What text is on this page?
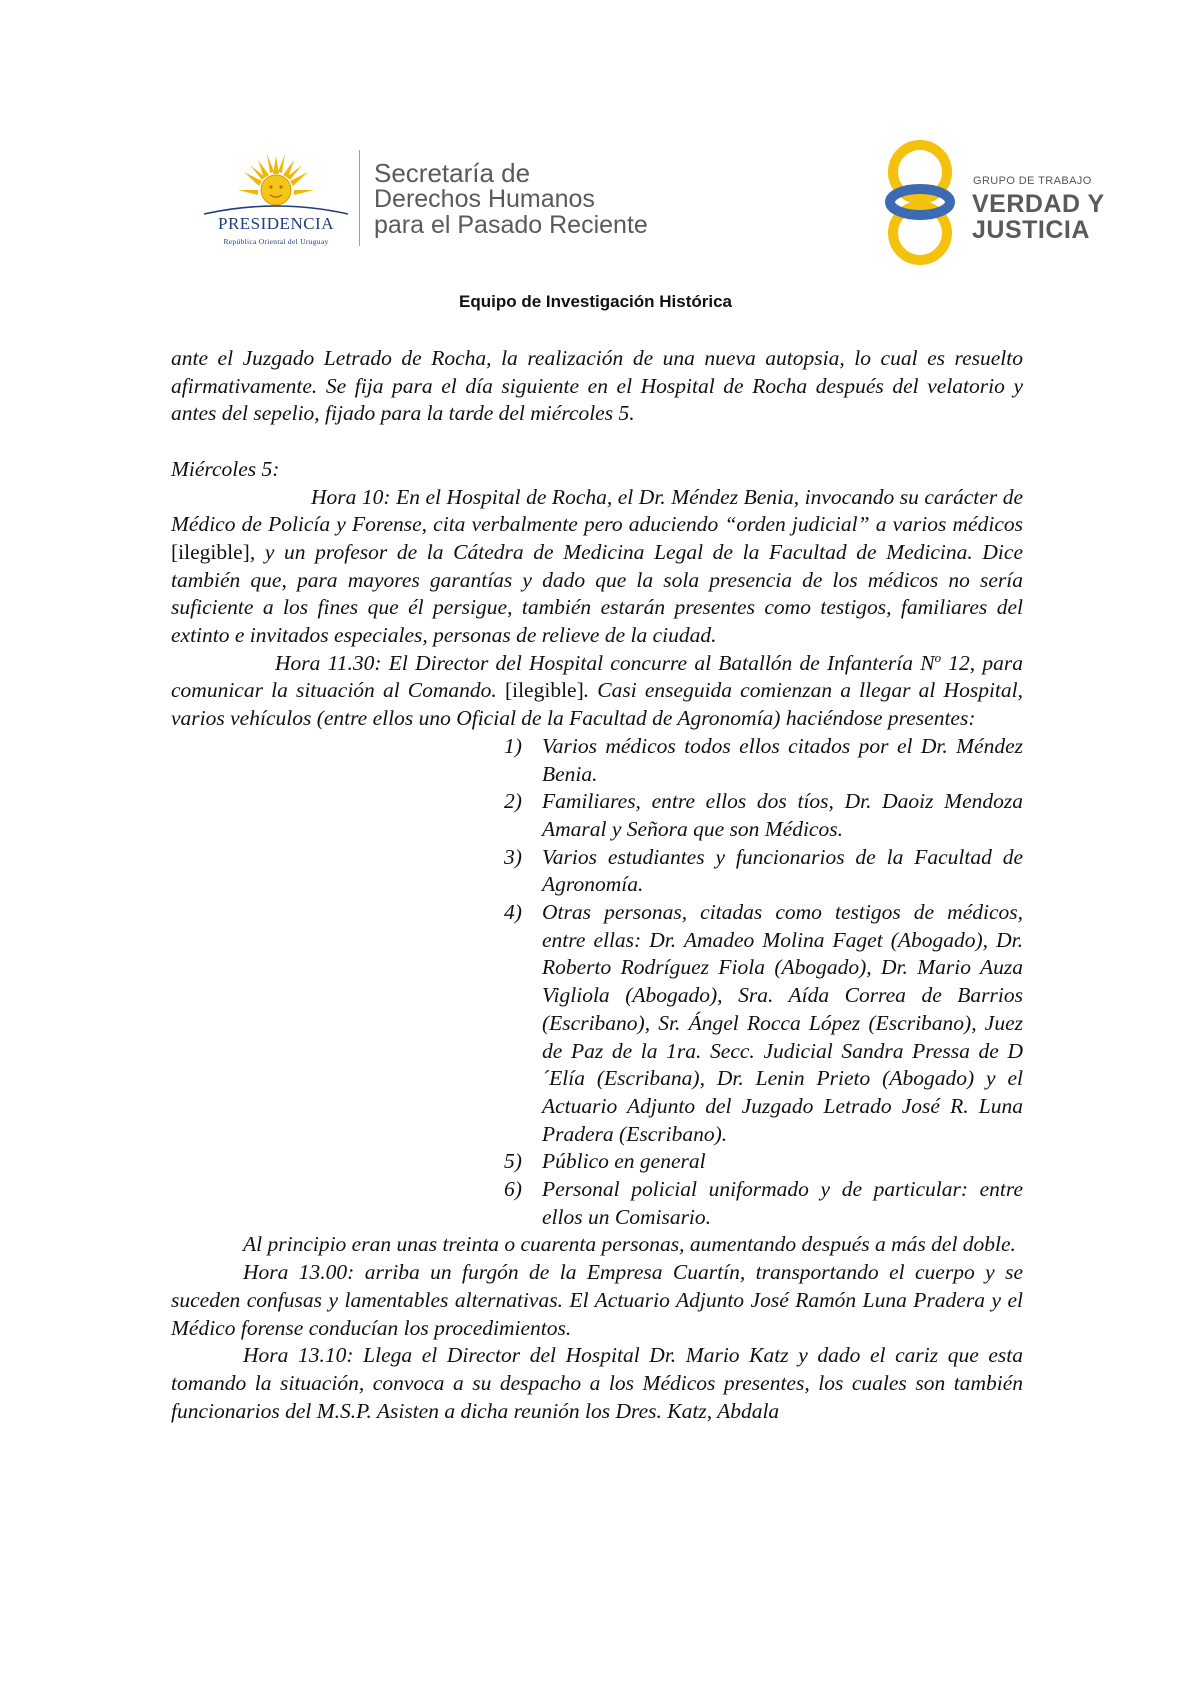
PRESIDENCIA
República Oriental del Uruguay
Secretaría de
Derechos Humanos
para el Pasado Reciente
GRUPO DE TRABAJO
VERDAD Y
JUSTICIA
Equipo de Investigación Histórica

ante el Juzgado Letrado de Rocha, la realización de una nueva autopsia, lo cual es resuelto afirmativamente. Se fija para el día siguiente en el Hospital de Rocha después del velatorio y antes del sepelio, fijado para la tarde del miércoles 5.

Miércoles 5:

Hora 10: En el Hospital de Rocha, el Dr. Méndez Benia, invocando su carácter de Médico de Policía y Forense, cita verbalmente pero aduciendo “orden judicial” a varios médicos [ilegible], y un profesor de la Cátedra de Medicina Legal de la Facultad de Medicina. Dice también que, para mayores garantías y dado que la sola presencia de los médicos no sería suficiente a los fines que él persigue, también estarán presentes como testigos, familiares del extinto e invitados especiales, personas de relieve de la ciudad.

Hora 11.30: El Director del Hospital concurre al Batallón de Infantería $N^o$ 12, para comunicar la situación al Comando. [ilegible]. Casi enseguida comienzan a llegar al Hospital, varios vehículos (entre ellos uno Oficial de la Facultad de Agronomía) haciéndose presentes:

1) Varios médicos todos ellos citados por el Dr. Méndez Benia.
2) Familiares, entre ellos dos tíos, Dr. Daoiz Mendoza Amaral y Señora que son Médicos.
3) Varios estudiantes y funcionarios de la Facultad de Agronomía.
4) Otras personas, citadas como testigos de médicos, entre ellas: Dr. Amadeo Molina Faget (Abogado), Dr. Roberto Rodríguez Fiola (Abogado), Dr. Mario Auza Vigliola (Abogado), Sra. Aída Correa de Barrios (Escribano), Sr. Ángel Rocca López (Escribano), Juez de Paz de la 1ra. Secc. Judicial Sandra Pressa de D´Elía (Escribana), Dr. Lenin Prieto (Abogado) y el Actuario Adjunto del Juzgado Letrado José R. Luna Pradera (Escribano).
5) Público en general
6) Personal policial uniformado y de particular: entre ellos un Comisario.

Al principio eran unas treinta o cuarenta personas, aumentando después a más del doble.

Hora 13.00: arriba un furgón de la Empresa Cuartín, transportando el cuerpo y se suceden confusas y lamentables alternativas. El Actuario Adjunto José Ramón Luna Pradera y el Médico forense conducían los procedimientos.

Hora 13.10: Llega el Director del Hospital Dr. Mario Katz y dado el cariz que esta tomando la situación, convoca a su despacho a los Médicos presentes, los cuales son también funcionarios del M.S.P. Asisten a dicha reunión los Dres. Katz, Abdala
